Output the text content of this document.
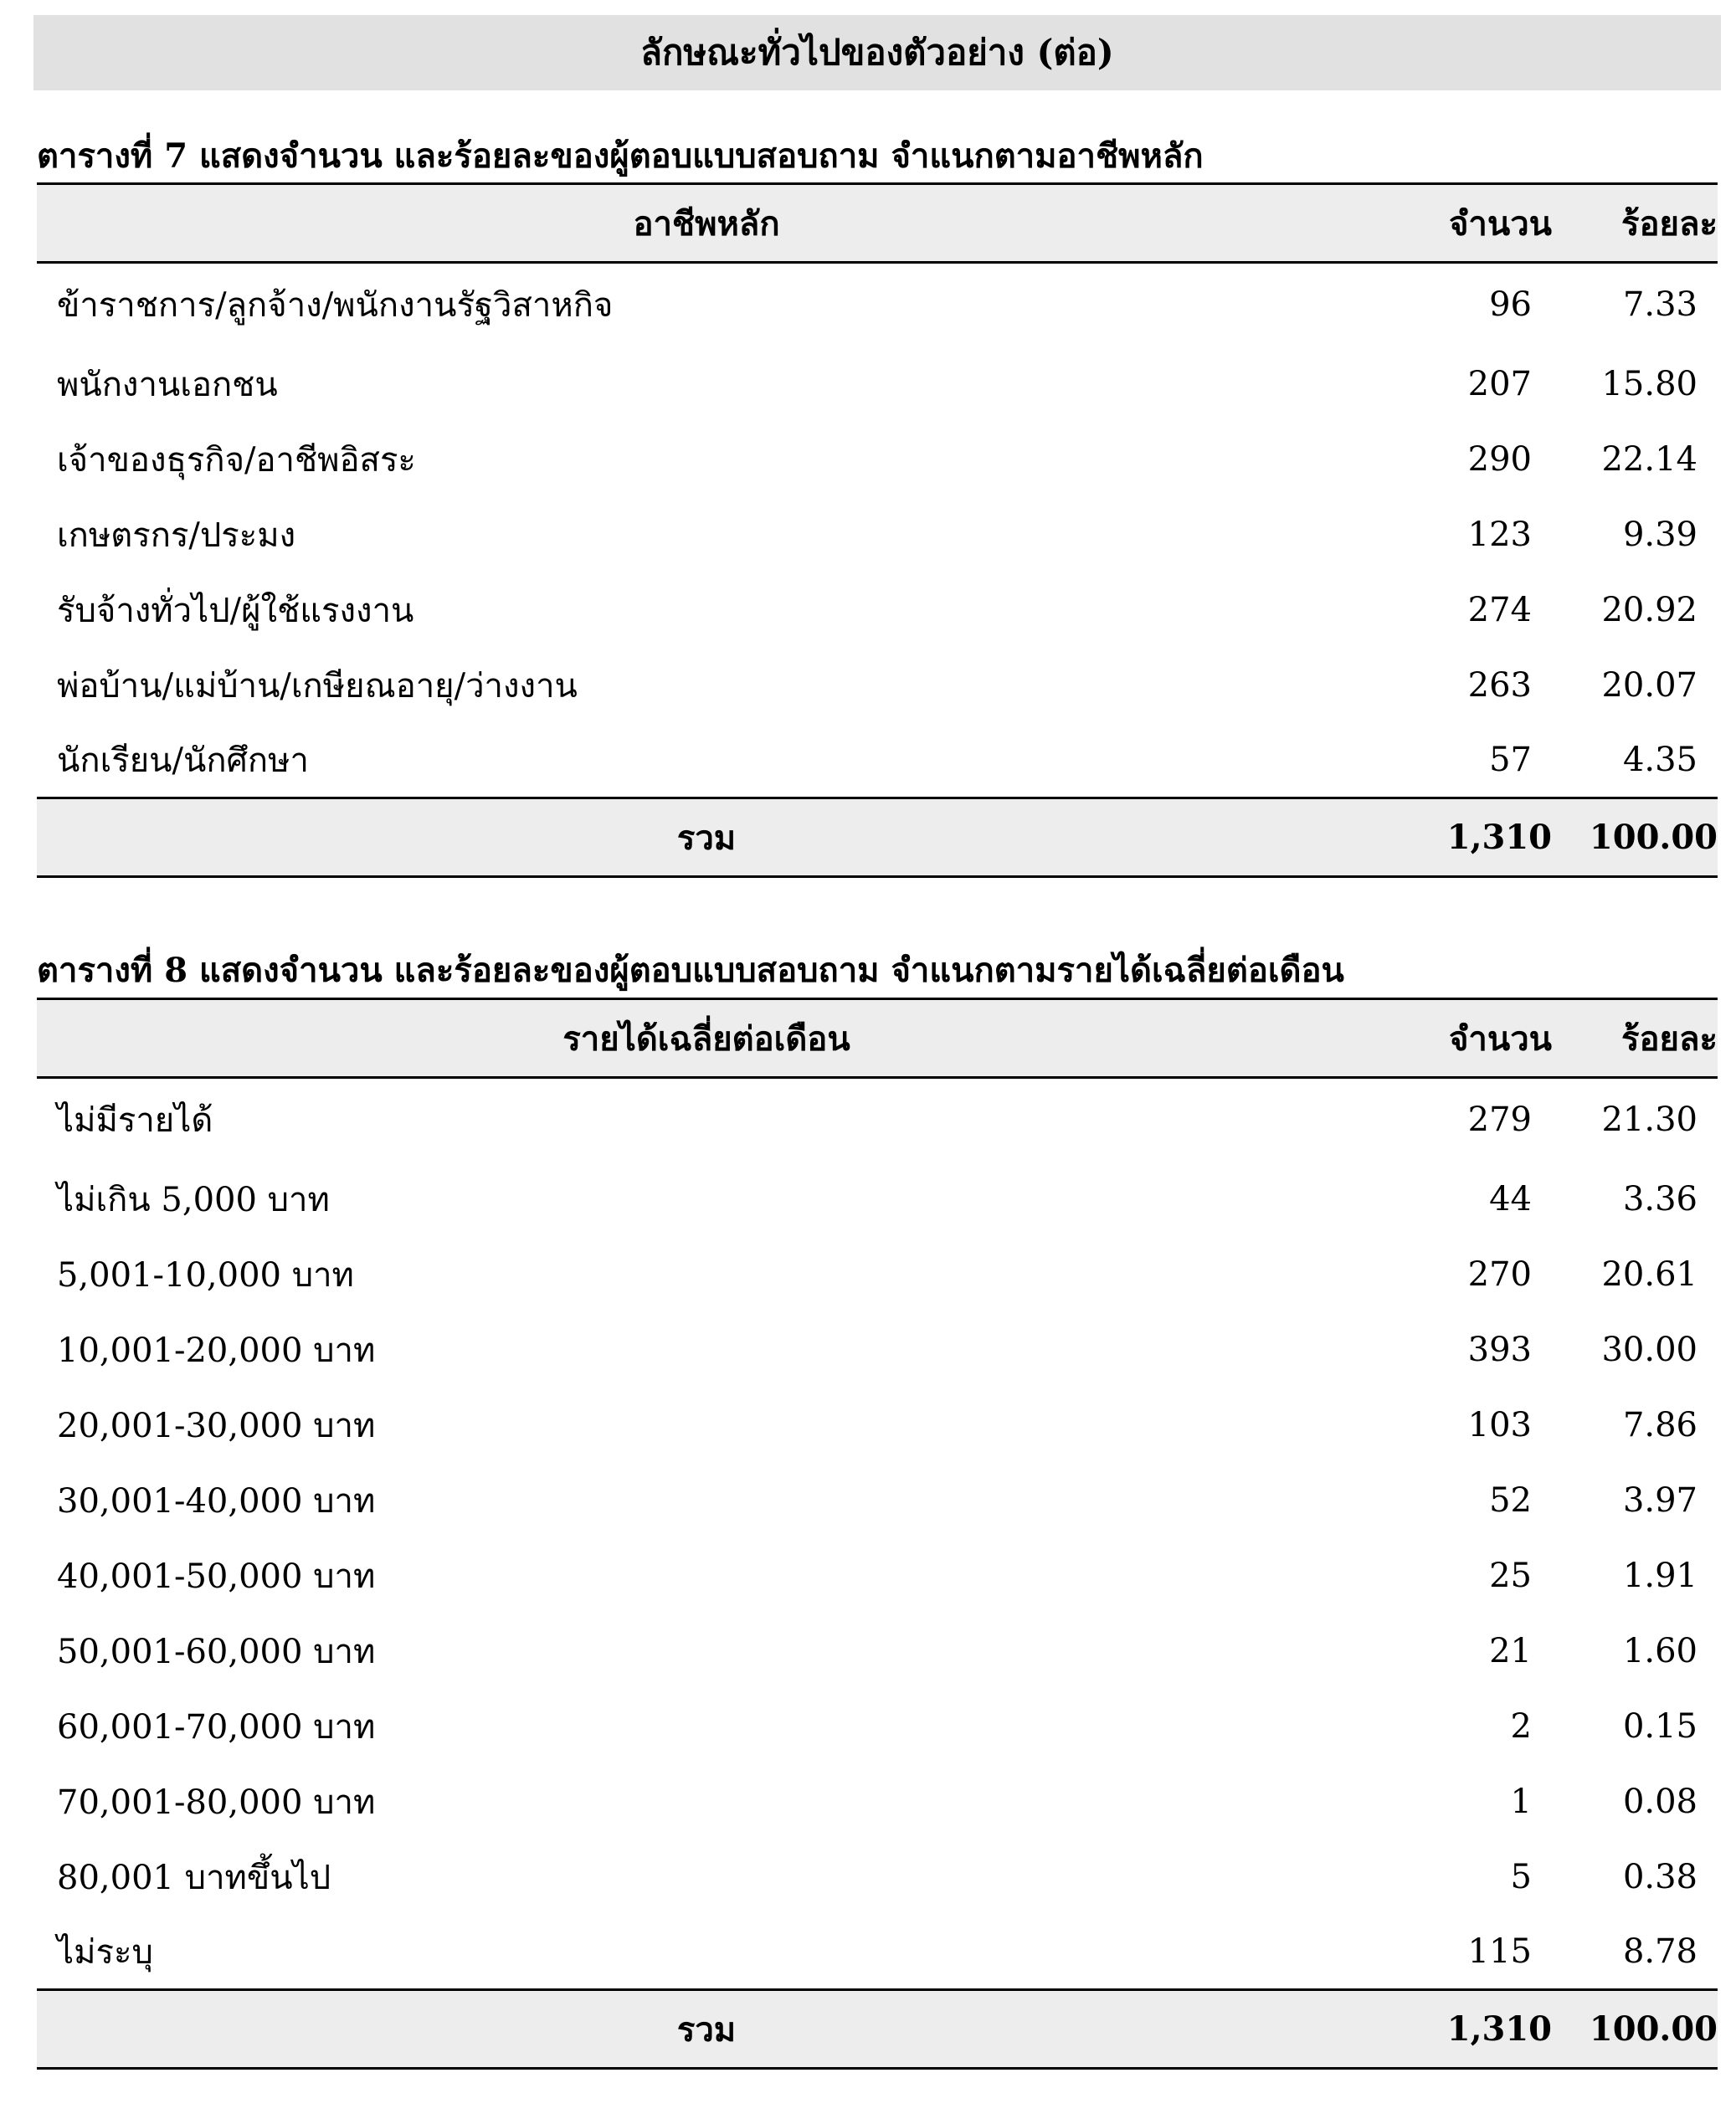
ลักษณะทั่วไปของตัวอย่าง (ต่อ)
ตารางที่ 7 แสดงจำนวน และร้อยละของผู้ตอบแบบสอบถาม จำแนกตามอาชีพหลัก
อาชีพหลัก	จำนวน	ร้อยละ
ข้าราชการ/ลูกจ้าง/พนักงานรัฐวิสาหกิจ	96	7.33
พนักงานเอกชน	207	15.80
เจ้าของธุรกิจ/อาชีพอิสระ	290	22.14
เกษตรกร/ประมง	123	9.39
รับจ้างทั่วไป/ผู้ใช้แรงงาน	274	20.92
พ่อบ้าน/แม่บ้าน/เกษียณอายุ/ว่างงาน	263	20.07
นักเรียน/นักศึกษา	57	4.35
รวม	1,310	100.00
ตารางที่ 8 แสดงจำนวน และร้อยละของผู้ตอบแบบสอบถาม จำแนกตามรายได้เฉลี่ยต่อเดือน
รายได้เฉลี่ยต่อเดือน	จำนวน	ร้อยละ
ไม่มีรายได้	279	21.30
ไม่เกิน 5,000 บาท	44	3.36
5,001-10,000 บาท	270	20.61
10,001-20,000 บาท	393	30.00
20,001-30,000 บาท	103	7.86
30,001-40,000 บาท	52	3.97
40,001-50,000 บาท	25	1.91
50,001-60,000 บาท	21	1.60
60,001-70,000 บาท	2	0.15
70,001-80,000 บาท	1	0.08
80,001 บาทขึ้นไป	5	0.38
ไม่ระบุ	115	8.78
รวม	1,310	100.00
